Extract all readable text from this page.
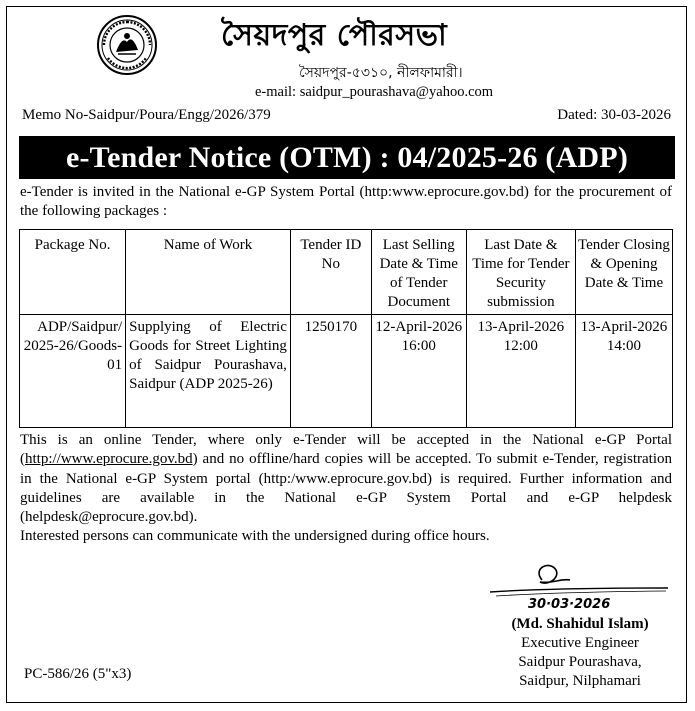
সৈয়দপুর পৌরসভা
সৈয়দপুর-৫৩১০, নীলফামারী।
e-mail: saidpur_pourashava@yahoo.com
Memo No-Saidpur/Poura/Engg/2026/379	Dated: 30-03-2026
e-Tender Notice (OTM) : 04/2025-26 (ADP)
e-Tender is invited in the National e-GP System Portal (http:www.eprocure.gov.bd) for the procurement of the following packages :
Package No.	Name of Work	Tender ID No	Last Selling Date & Time of Tender Document	Last Date & Time for Tender Security submission	Tender Closing & Opening Date & Time
ADP/Saidpur/ 2025-26/Goods-01	Supplying of Electric Goods for Street Lighting of Saidpur Pourashava, Saidpur (ADP 2025-26)	1250170	12-April-2026 16:00	13-April-2026 12:00	13-April-2026 14:00

This is an online Tender, where only e-Tender will be accepted in the National e-GP Portal (http://www.eprocure.gov.bd) and no offline/hard copies will be accepted. To submit e-Tender, registration in the National e-GP System portal (http:/www.eprocure.gov.bd) is required. Further information and guidelines are available in the National e-GP System Portal and e-GP helpdesk (helpdesk@eprocure.gov.bd).

Interested persons can communicate with the undersigned during office hours.

30·03·2026
(Md. Shahidul Islam)
Executive Engineer
Saidpur Pourashava,
Saidpur, Nilphamari
PC-586/26 (5"x3)
